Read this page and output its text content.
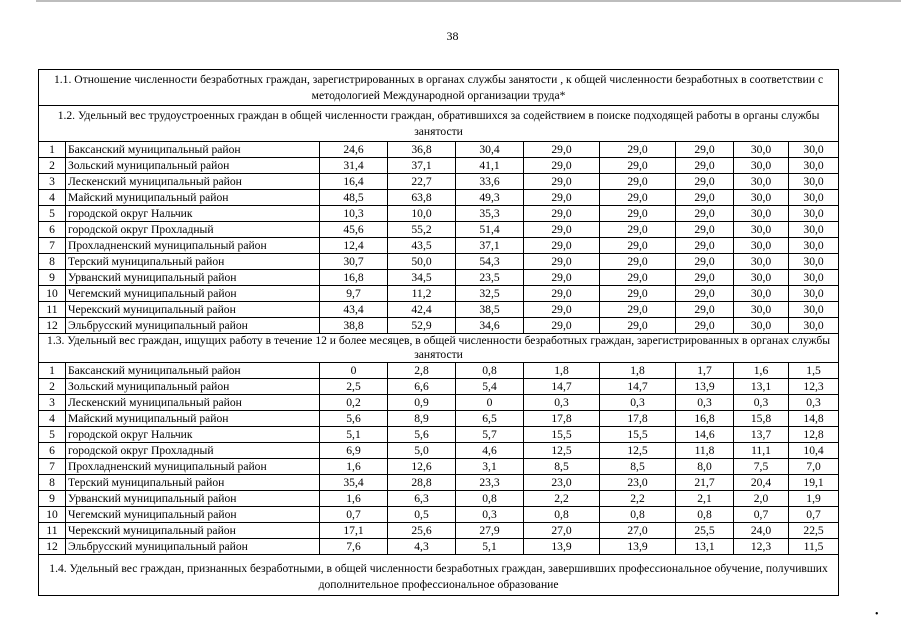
38
1.1. Отношение численности безработных граждан, зарегистрированных в органах службы занятости , к общей численности безработных в соответствии с методологией Международной организации труда*									
1.2. Удельный вес трудоустроенных граждан в общей численности граждан, обратившихся за содействием в поиске подходящей работы в органы службы занятости									
1	Баксанский муниципальный район	24,6	36,8	30,4	29,0	29,0	29,0	30,0	30,0
2	Зольский муниципальный район	31,4	37,1	41,1	29,0	29,0	29,0	30,0	30,0
3	Лескенский муниципальный район	16,4	22,7	33,6	29,0	29,0	29,0	30,0	30,0
4	Майский муниципальный район	48,5	63,8	49,3	29,0	29,0	29,0	30,0	30,0
5	городской округ Нальчик	10,3	10,0	35,3	29,0	29,0	29,0	30,0	30,0
6	городской округ Прохладный	45,6	55,2	51,4	29,0	29,0	29,0	30,0	30,0
7	Прохладненский муниципальный район	12,4	43,5	37,1	29,0	29,0	29,0	30,0	30,0
8	Терский муниципальный район	30,7	50,0	54,3	29,0	29,0	29,0	30,0	30,0
9	Урванский муниципальный район	16,8	34,5	23,5	29,0	29,0	29,0	30,0	30,0
10	Чегемский муниципальный район	9,7	11,2	32,5	29,0	29,0	29,0	30,0	30,0
11	Черекский муниципальный район	43,4	42,4	38,5	29,0	29,0	29,0	30,0	30,0
12	Эльбрусский муниципальный район	38,8	52,9	34,6	29,0	29,0	29,0	30,0	30,0
1.3. Удельный вес граждан, ищущих работу в течение 12 и более месяцев, в общей численности безработных граждан, зарегистрированных в органах службы занятости									
1	Баксанский муниципальный район	0	2,8	0,8	1,8	1,8	1,7	1,6	1,5
2	Зольский муниципальный район	2,5	6,6	5,4	14,7	14,7	13,9	13,1	12,3
3	Лескенский муниципальный район	0,2	0,9	0	0,3	0,3	0,3	0,3	0,3
4	Майский муниципальный район	5,6	8,9	6,5	17,8	17,8	16,8	15,8	14,8
5	городской округ Нальчик	5,1	5,6	5,7	15,5	15,5	14,6	13,7	12,8
6	городской округ Прохладный	6,9	5,0	4,6	12,5	12,5	11,8	11,1	10,4
7	Прохладненский муниципальный район	1,6	12,6	3,1	8,5	8,5	8,0	7,5	7,0
8	Терский муниципальный район	35,4	28,8	23,3	23,0	23,0	21,7	20,4	19,1
9	Урванский муниципальный район	1,6	6,3	0,8	2,2	2,2	2,1	2,0	1,9
10	Чегемский муниципальный район	0,7	0,5	0,3	0,8	0,8	0,8	0,7	0,7
11	Черекский муниципальный район	17,1	25,6	27,9	27,0	27,0	25,5	24,0	22,5
12	Эльбрусский муниципальный район	7,6	4,3	5,1	13,9	13,9	13,1	12,3	11,5
1.4. Удельный вес граждан, признанных безработными, в общей численности безработных граждан, завершивших профессиональное обучение, получивших дополнительное профессиональное образование									
•
